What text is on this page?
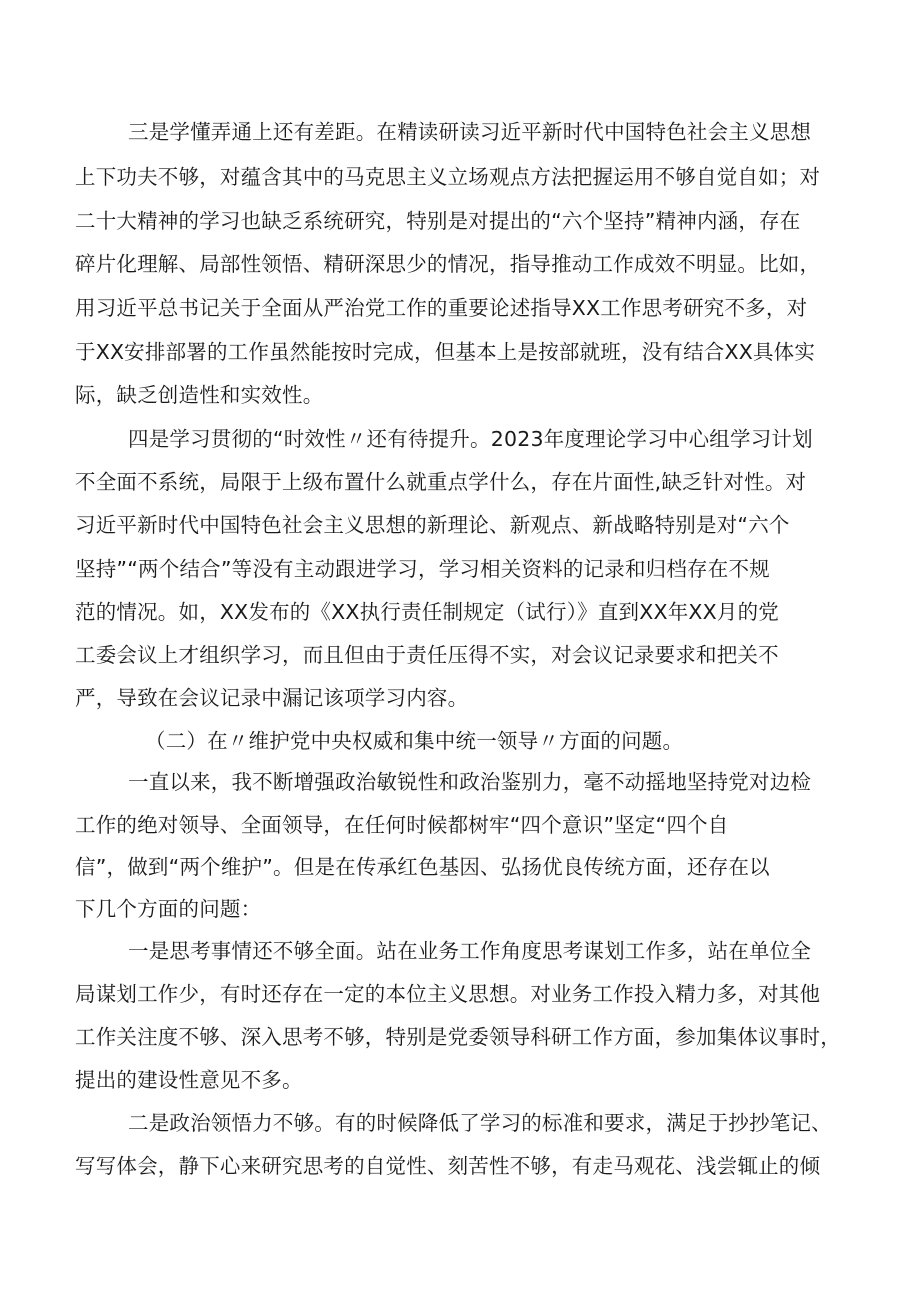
三是学懂弄通上还有差距。在精读研读习近平新时代中国特色社会主义思想
上下功夫不够，对蕴含其中的马克思主义立场观点方法把握运用不够自觉自如；对
二十大精神的学习也缺乏系统研究，特别是对提出的“六个坚持”精神内涵，存在
碎片化理解、局部性领悟、精研深思少的情况，指导推动工作成效不明显。比如，
用习近平总书记关于全面从严治党工作的重要论述指导XX工作思考研究不多，对
于XX安排部署的工作虽然能按时完成，但基本上是按部就班，没有结合XX具体实
际，缺乏创造性和实效性。
四是学习贯彻的“时效性〃还有待提升。2023年度理论学习中心组学习计划
不全面不系统，局限于上级布置什么就重点学什么，存在片面性,缺乏针对性。对
习近平新时代中国特色社会主义思想的新理论、新观点、新战略特别是对“六个
坚持”“两个结合”等没有主动跟进学习，学习相关资料的记录和归档存在不规
范的情况。如，XX发布的《XX执行责任制规定（试行）》直到XX年XX月的党
工委会议上才组织学习，而且但由于责任压得不实，对会议记录要求和把关不
严，导致在会议记录中漏记该项学习内容。
（二）在〃维护党中央权威和集中统一领导〃方面的问题。
一直以来，我不断增强政治敏锐性和政治鉴别力，毫不动摇地坚持党对边检
工作的绝对领导、全面领导，在任何时候都树牢“四个意识”坚定“四个自
信”，做到“两个维护”。但是在传承红色基因、弘扬优良传统方面，还存在以
下几个方面的问题：
一是思考事情还不够全面。站在业务工作角度思考谋划工作多，站在单位全
局谋划工作少，有时还存在一定的本位主义思想。对业务工作投入精力多，对其他
工作关注度不够、深入思考不够，特别是党委领导科研工作方面，参加集体议事时，
提出的建设性意见不多。
二是政治领悟力不够。有的时候降低了学习的标准和要求，满足于抄抄笔记、
写写体会，静下心来研究思考的自觉性、刻苦性不够，有走马观花、浅尝辄止的倾
